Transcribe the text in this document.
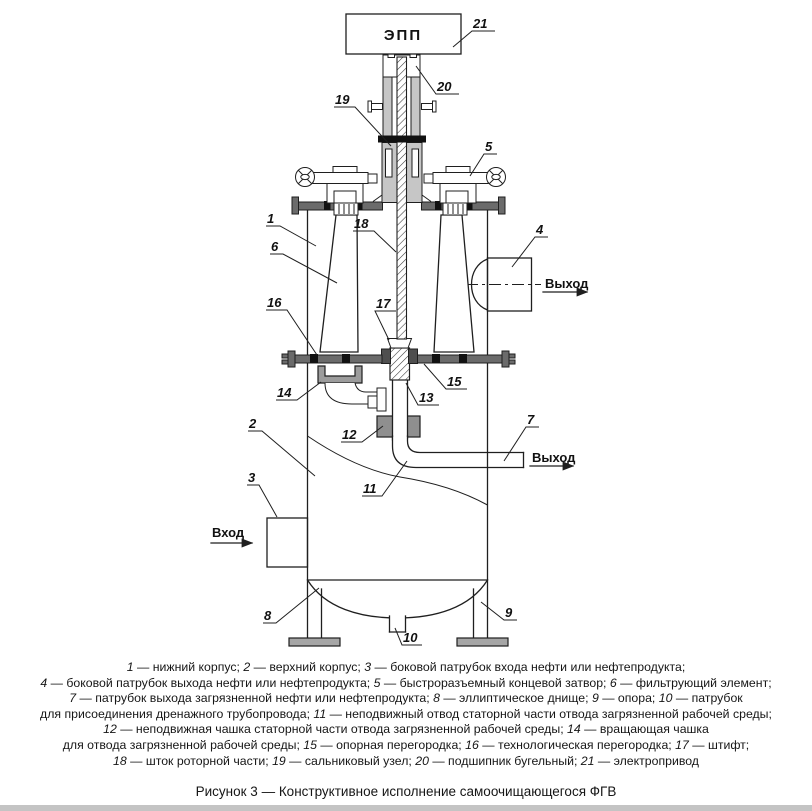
ЭПП
Вход
Выход
Выход
1
2
3
4
5
6
7
8	9
10
11
12
13
14
15
16	17
18
19
20
21
1 — нижний корпус; 2 — верхний корпус; 3 — боковой патрубок входа нефти или нефтепродукта;
4 — боковой патрубок выхода нефти или нефтепродукта; 5 — быстроразъемный концевой затвор; 6 — фильтрующий элемент;
7 — патрубок выхода загрязненной нефти или нефтепродукта; 8 — эллиптическое днище; 9 — опора; 10 — патрубок
для присоединения дренажного трубопровода; 11 — неподвижный отвод статорной части отвода загрязненной рабочей среды;
12 — неподвижная чашка статорной части отвода загрязненной рабочей среды; 14 — вращающая чашка
для отвода загрязненной рабочей среды; 15 — опорная перегородка; 16 — технологическая перегородка; 17 — штифт;
18 — шток роторной части; 19 — сальниковый узел; 20 — подшипник бугельный; 21 — электропривод
Рисунок 3 — Конструктивное исполнение самоочищающегося ФГВ
